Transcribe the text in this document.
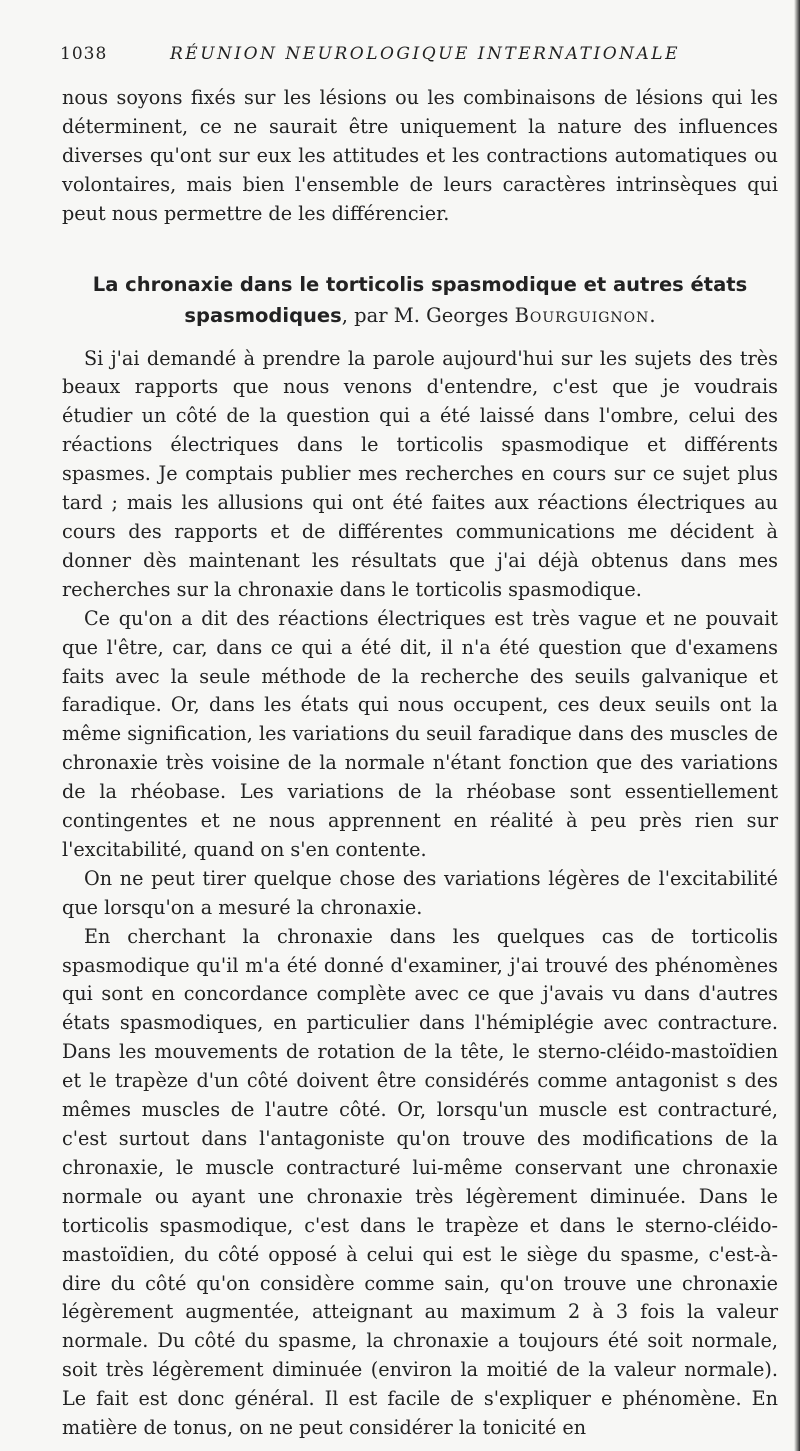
1038	RÉUNION NEUROLOGIQUE INTERNATIONALE

nous soyons fixés sur les lésions ou les combinaisons de lésions qui les déterminent, ce ne saurait être uniquement la nature des influences diverses qu'ont sur eux les attitudes et les contractions automatiques ou volontaires, mais bien l'ensemble de leurs caractères intrinsèques qui peut nous permettre de les différencier.

La chronaxie dans le torticolis spasmodique et autres états spasmodiques, par M. Georges Bourguignon.

Si j'ai demandé à prendre la parole aujourd'hui sur les sujets des très beaux rapports que nous venons d'entendre, c'est que je voudrais étudier un côté de la question qui a été laissé dans l'ombre, celui des réactions électriques dans le torticolis spasmodique et différents spasmes. Je comptais publier mes recherches en cours sur ce sujet plus tard ; mais les allusions qui ont été faites aux réactions électriques au cours des rapports et de différentes communications me décident à donner dès maintenant les résultats que j'ai déjà obtenus dans mes recherches sur la chronaxie dans le torticolis spasmodique.

Ce qu'on a dit des réactions électriques est très vague et ne pouvait que l'être, car, dans ce qui a été dit, il n'a été question que d'examens faits avec la seule méthode de la recherche des seuils galvanique et faradique. Or, dans les états qui nous occupent, ces deux seuils ont la même signification, les variations du seuil faradique dans des muscles de chronaxie très voisine de la normale n'étant fonction que des variations de la rhéobase. Les variations de la rhéobase sont essentiellement contingentes et ne nous apprennent en réalité à peu près rien sur l'excitabilité, quand on s'en contente.

On ne peut tirer quelque chose des variations légères de l'excitabilité que lorsqu'on a mesuré la chronaxie.

En cherchant la chronaxie dans les quelques cas de torticolis spasmodique qu'il m'a été donné d'examiner, j'ai trouvé des phénomènes qui sont en concordance complète avec ce que j'avais vu dans d'autres états spasmodiques, en particulier dans l'hémiplégie avec contracture. Dans les mouvements de rotation de la tête, le sterno-cléido-mastoïdien et le trapèze d'un côté doivent être considérés comme antagonist s des mêmes muscles de l'autre côté. Or, lorsqu'un muscle est contracturé, c'est surtout dans l'antagoniste qu'on trouve des modifications de la chronaxie, le muscle contracturé lui-même conservant une chronaxie normale ou ayant une chronaxie très légèrement diminuée. Dans le torticolis spasmodique, c'est dans le trapèze et dans le sterno-cléido-mastoïdien, du côté opposé à celui qui est le siège du spasme, c'est-à-dire du côté qu'on considère comme sain, qu'on trouve une chronaxie légèrement augmentée, atteignant au maximum 2 à 3 fois la valeur normale. Du côté du spasme, la chronaxie a toujours été soit normale, soit très légèrement diminuée (environ la moitié de la valeur normale). Le fait est donc général. Il est facile de s'expliquer e phénomène. En matière de tonus, on ne peut considérer la tonicité en
